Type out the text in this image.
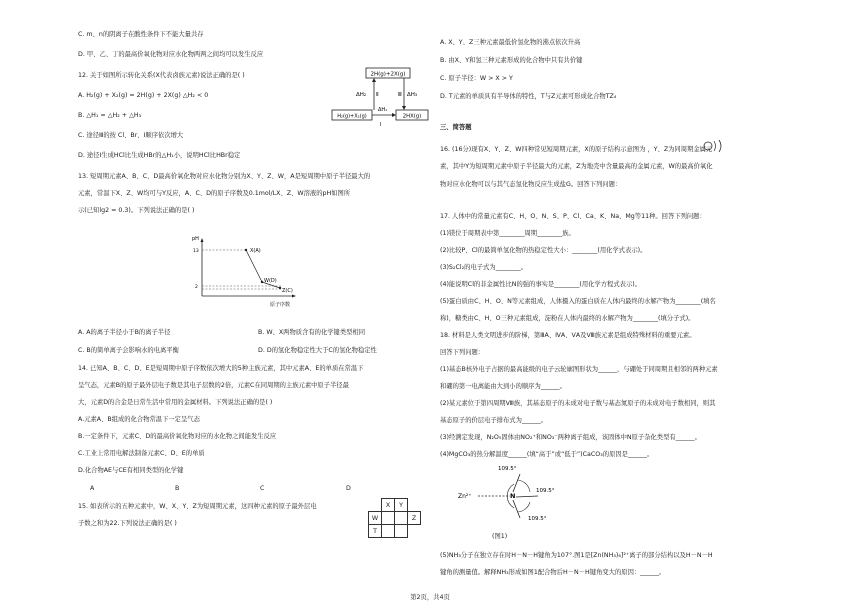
C. m、n的阴离子在酸性条件下不能大量共存
D. 甲、乙、丁的最高价氧化物对应水化物两两之间均可以发生反应
12. 关于如图所示转化关系(X代表卤族元素)说法正确的是( )
A. H₂(g) + X₂(g) = 2H(g) + 2X(g) △H₂ < 0
B. △H₁ = △H₂ + △H₃
C. 途径Ⅲ的按 Cl、Br、I顺序依次增大
D. 途径Ⅰ生成HCl比生成HBr的△H₁小，说明HCl比HBr稳定
13. 短周期元素A、B、C、D最高价氧化物对应水化物分别为X、Y、Z、W，A是短周期中原子半径最大的
元素，常温下X、Z、W均可与Y反应，A、C、D的原子序数及0.1mol/LX、Z、W溶液的pH如图所
示(已知lg2 = 0.3)。下列说法正确的是( )
A. A的离子半径小于B的离子半径	B. W、X两物质含有的化学键类型相同
C. B的简单离子会影响水的电离平衡	D. D的氢化物稳定性大于C的氢化物稳定性
14. 已知A、B、C、D、E是短周期中原子序数依次增大的5种主族元素，其中元素A、E的单质在常温下
呈气态，元素B的原子最外层电子数是其电子层数的2倍，元素C在同周期的主族元素中原子半径最
大，元素D的合金是日常生活中常用的金属材料。下列说法正确的是( )
A.元素A、B组成的化合物常温下一定呈气态
B.一定条件下，元素C、D的最高价氧化物对应的水化物之间能发生反应
C.工业上常用电解法制备元素C、D、E的单质
D.化合物AE与CE有相同类型的化学键
A	B	C	D
15. 如表所示的五种元素中，W、X、Y、Z为短周期元素，这四种元素的原子最外层电
子数之和为22.下列说法正确的是( )
2H(g)+2X(g)
H₂(g)+X₂(g)	2HX(g)
ΔH₂ Ⅱ	Ⅲ ΔH₃
ΔH₁
Ⅰ
pH
原子序数
13
2
X(A)
W(D)
Z(C)
	X	Y	
W			Z
T			
A. X、Y、Z三种元素最低价氢化物的沸点依次升高
B. 由X、Y和氢三种元素形成的化合物中只有共价键
C. 原子半径：W > X > Y
D. T元素的单质具有半导体的特性，T与Z元素可形成化合物TZ₄
三、简答题
16. (16分)现有X、Y、Z、W四种常见短周期元素，X的原子结构示意图为 ，Y、Z为同周期金属元
素，其中Y为短周期元素中原子半径最大的元素，Z为地壳中含量最高的金属元素，W的最高价氧化
物对应水化物可以与其气态氢化物反应生成盐G。回答下列问题：
17. 人体中的常量元素有C、H、O、N、S、P、Cl、Ca、K、Na、Mg等11种。回答下列问题：
(1)镁位于周期表中第________周期________族。
(2)比较P、Cl的最简单氢化物的热稳定性大小：________(用化学式表示)。
(3)S₂Cl₂的电子式为________。
(4)能说明Cl的非金属性比N的强的事实是________(用化学方程式表示)。
(5)蛋白质由C、H、O、N等元素组成，人体摄入的蛋白质在人体内最终的水解产物为________(填名
称)，糖类由C、H、O三种元素组成，淀粉在人体内最终的水解产物为________(填分子式)。
18. 材料是人类文明进步的阶梯，第ⅢA、ⅣA、ⅤA及Ⅷ族元素是组成特殊材料的重要元素。
回答下列问题：
(1)基态B核外电子占据的最高能级的电子云轮廓图形状为______，与硼处于同周期且相邻的两种元素
和硼的第一电离能由大到小的顺序为______。
(2)某元素位于第四周期Ⅷ族，其基态原子的未成对电子数与基态氮原子的未成对电子数相同，则其
基态原子的价层电子排布式为______。
(3)经测定发现，N₂O₅固体由NO₂⁺和NO₃⁻两种离子组成，该固体中N原子杂化类型有______。
(4)MgCO₃的热分解温度______(填“高于”或“低于”)CaCO₃的原因是______。
(图1)
(5)NH₃分子在独立存在时H－N－H键角为107°.图1是[Zn(NH₃)₆]²⁺离子的部分结构以及H－N－H
键角的测量值。解释NH₃形成如图1配合物后H－N－H键角变大的原因：______。
Zn²⁺	N
109.5°
109.5°
109.5°
第2页，共4页
